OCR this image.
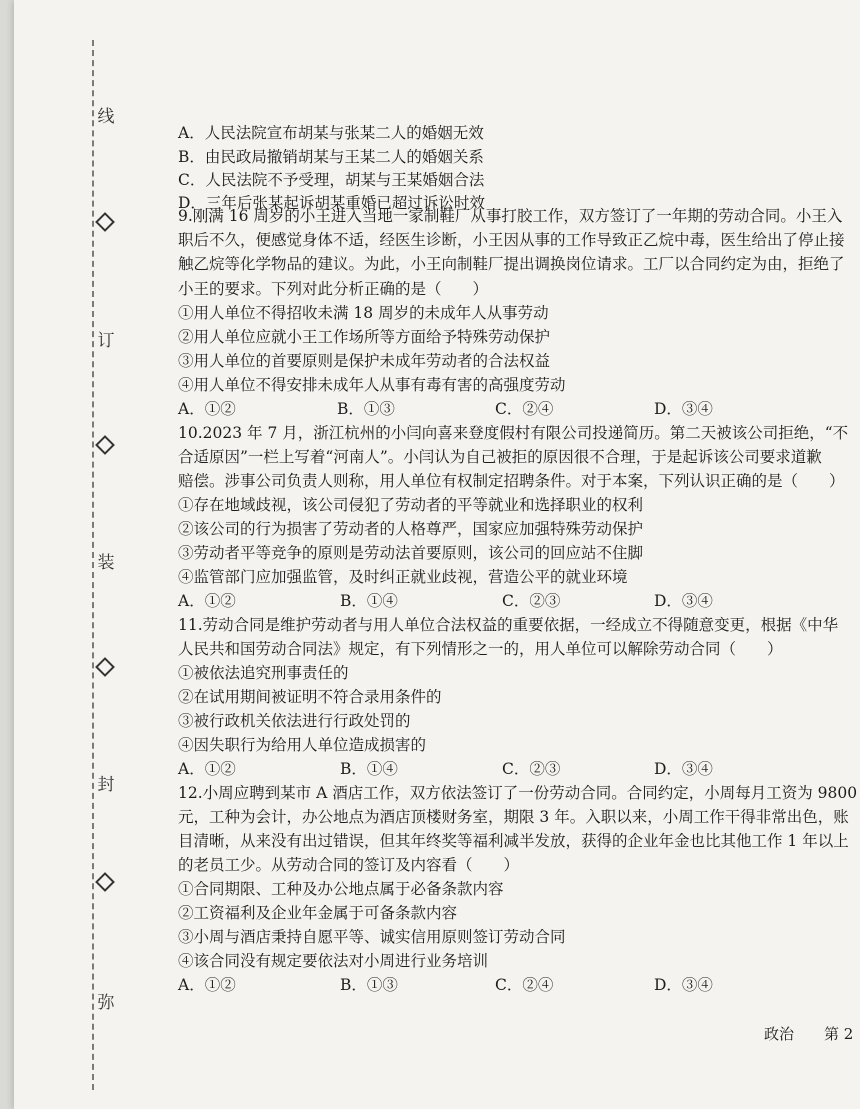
线
订
装
封
弥
A．人民法院宣布胡某与张某二人的婚姻无效
B．由民政局撤销胡某与王某二人的婚姻关系
C．人民法院不予受理，胡某与王某婚姻合法
D．三年后张某起诉胡某重婚已超过诉讼时效
9.刚满 16 周岁的小王进入当地一家制鞋厂从事打胶工作，双方签订了一年期的劳动合同。小王入
职后不久，便感觉身体不适，经医生诊断，小王因从事的工作导致正乙烷中毒，医生给出了停止接
触乙烷等化学物品的建议。为此，小王向制鞋厂提出调换岗位请求。工厂以合同约定为由，拒绝了
小王的要求。下列对此分析正确的是（　　）
①用人单位不得招收未满 18 周岁的未成年人从事劳动
②用人单位应就小王工作场所等方面给予特殊劳动保护
③用人单位的首要原则是保护未成年劳动者的合法权益
④用人单位不得安排未成年人从事有毒有害的高强度劳动
A．①②	B．①③	C．②④	D．③④
10.2023 年 7 月，浙江杭州的小闫向喜来登度假村有限公司投递简历。第二天被该公司拒绝，“不
合适原因”一栏上写着“河南人”。小闫认为自己被拒的原因很不合理，于是起诉该公司要求道歉
赔偿。涉事公司负责人则称，用人单位有权制定招聘条件。对于本案，下列认识正确的是（　　）
①存在地域歧视，该公司侵犯了劳动者的平等就业和选择职业的权利
②该公司的行为损害了劳动者的人格尊严，国家应加强特殊劳动保护
③劳动者平等竞争的原则是劳动法首要原则，该公司的回应站不住脚
④监管部门应加强监管，及时纠正就业歧视，营造公平的就业环境
A．①②	B．①④	C．②③	D．③④
11.劳动合同是维护劳动者与用人单位合法权益的重要依据，一经成立不得随意变更，根据《中华
人民共和国劳动合同法》规定，有下列情形之一的，用人单位可以解除劳动合同（　　）
①被依法追究刑事责任的
②在试用期间被证明不符合录用条件的
③被行政机关依法进行行政处罚的
④因失职行为给用人单位造成损害的
A．①②	B．①④	C．②③	D．③④
12.小周应聘到某市 A 酒店工作，双方依法签订了一份劳动合同。合同约定，小周每月工资为 9800
元，工种为会计，办公地点为酒店顶楼财务室，期限 3 年。入职以来，小周工作干得非常出色，账
目清晰，从来没有出过错误，但其年终奖等福利减半发放，获得的企业年金也比其他工作 1 年以上
的老员工少。从劳动合同的签订及内容看（　　）
①合同期限、工种及办公地点属于必备条款内容
②工资福利及企业年金属于可备条款内容
③小周与酒店秉持自愿平等、诚实信用原则签订劳动合同
④该合同没有规定要依法对小周进行业务培训
A．①②	B．①③	C．②④	D．③④
政治 第 2
